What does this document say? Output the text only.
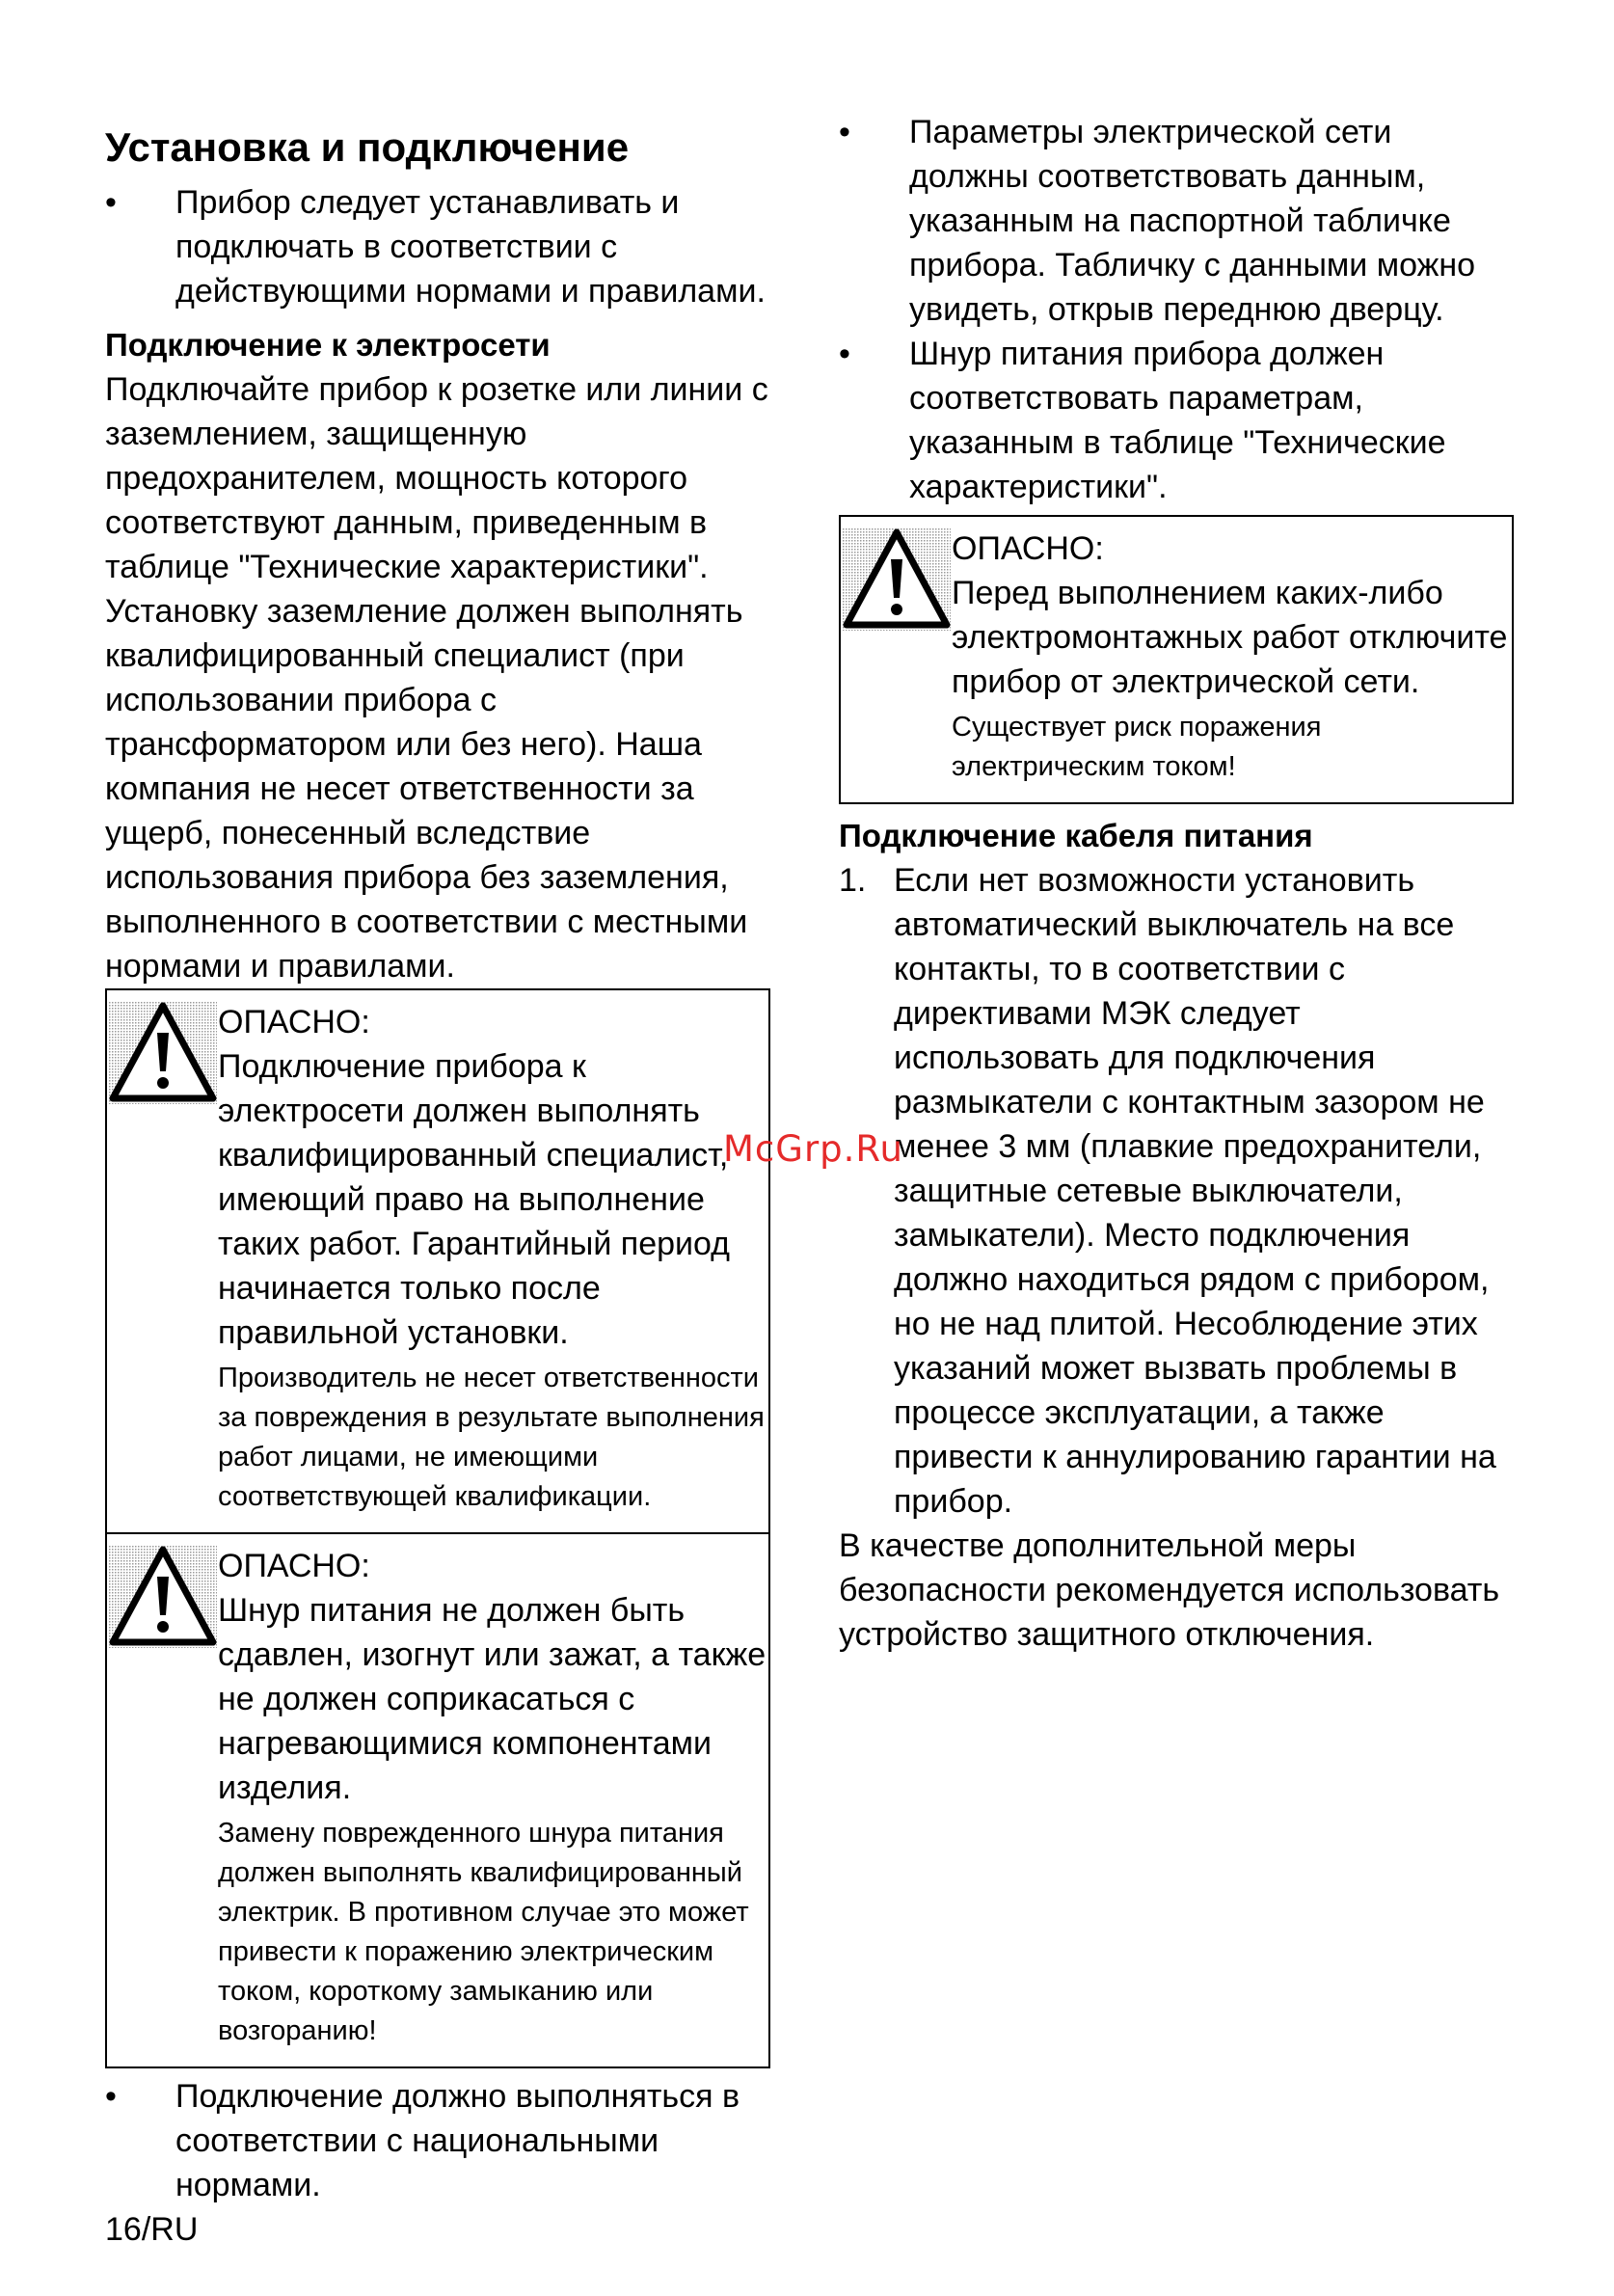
Установка и подключение
• Прибор следует устанавливать и подключать в соответствии с действующими нормами и правилами.
Подключение к электросети

Подключайте прибор к розетке или линии с заземлением, защищенную предохранителем, мощность которого соответствуют данным, приведенным в таблице "Технические характеристики". Установку заземление должен выполнять квалифицированный специалист (при использовании прибора с трансформатором или без него). Наша компания не несет ответственности за ущерб, понесенный вследствие использования прибора без заземления, выполненного в соответствии с местными нормами и правилами.

ОПАСНО:

Подключение прибора к электросети должен выполнять квалифицированный специалист, имеющий право на выполнение таких работ. Гарантийный период начинается только после правильной установки.

Производитель не несет ответственности за повреждения в результате выполнения работ лицами, не имеющими соответствующей квалификации.

ОПАСНО:

Шнур питания не должен быть сдавлен, изогнут или зажат, а также не должен соприкасаться с нагревающимися компонентами изделия.

Замену поврежденного шнура питания должен выполнять квалифицированный электрик. В противном случае это может привести к поражению электрическим током, короткому замыканию или возгоранию!

• Подключение должно выполняться в соответствии с национальными нормами.
• Параметры электрической сети должны соответствовать данным, указанным на паспортной табличке прибора. Табличку с данными можно увидеть, открыв переднюю дверцу.
• Шнур питания прибора должен соответствовать параметрам, указанным в таблице "Технические характеристики".

ОПАСНО:

Перед выполнением каких-либо электромонтажных работ отключите прибор от электрической сети.

Существует риск поражения электрическим током!

Подключение кабеля питания
1. Если нет возможности установить автоматический выключатель на все контакты, то в соответствии с директивами МЭК следует использовать для подключения размыкатели с контактным зазором не менее 3 мм (плавкие предохранители, защитные сетевые выключатели, замыкатели). Место подключения должно находиться рядом с прибором, но не над плитой. Несоблюдение этих указаний может вызвать проблемы в процессе эксплуатации, а также привести к аннулированию гарантии на прибор.

В качестве дополнительной меры безопасности рекомендуется использовать устройство защитного отключения.

McGrp.Ru
16/RU
